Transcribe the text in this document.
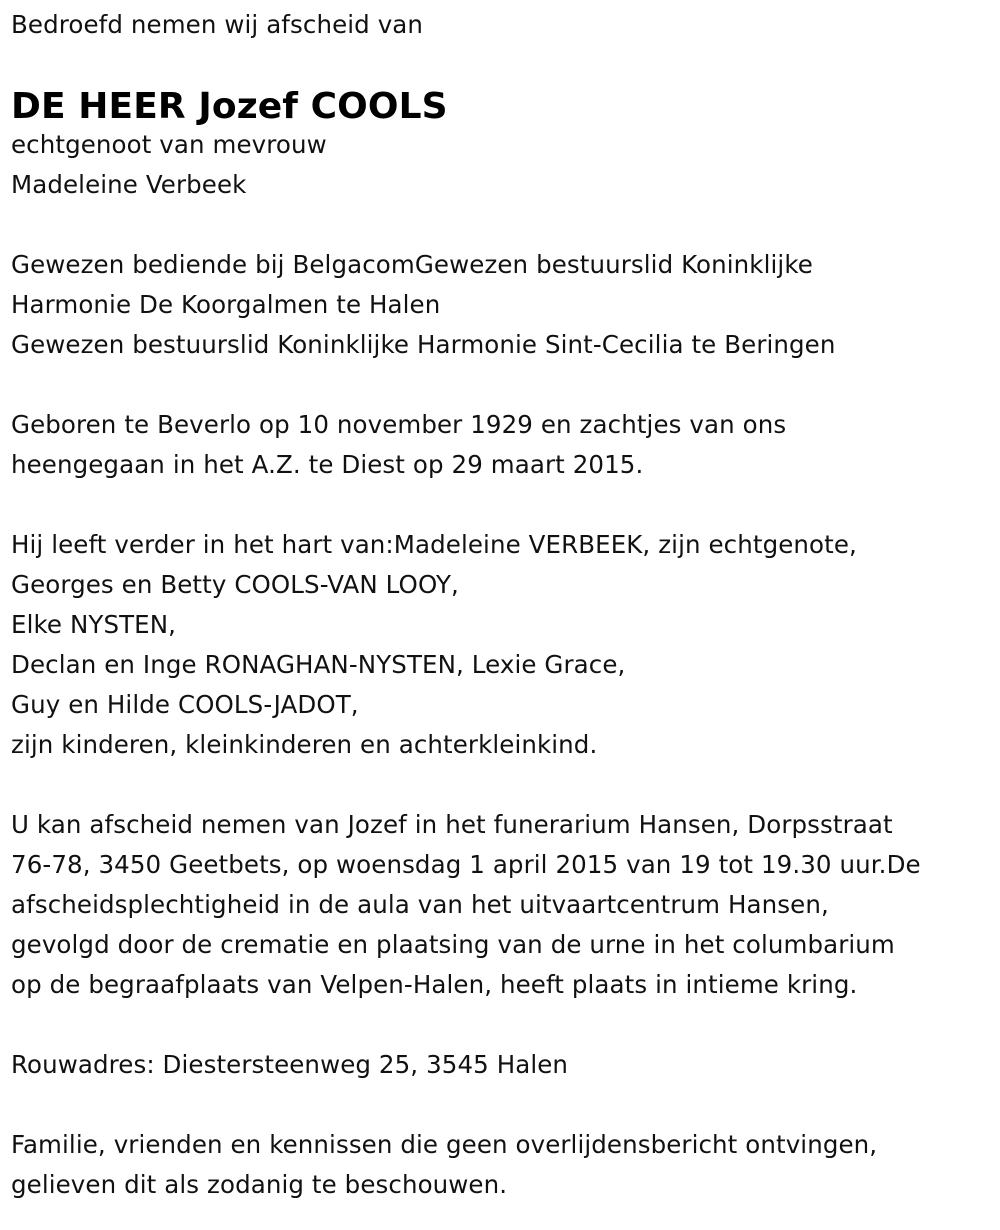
Bedroefd nemen wij afscheid van
DE HEER Jozef COOLS
echtgenoot van mevrouw
Madeleine Verbeek
Gewezen bediende bij BelgacomGewezen bestuurslid Koninklijke
Harmonie De Koorgalmen te Halen
Gewezen bestuurslid Koninklijke Harmonie Sint-Cecilia te Beringen
Geboren te Beverlo op 10 november 1929 en zachtjes van ons
heengegaan in het A.Z. te Diest op 29 maart 2015.
Hij leeft verder in het hart van:Madeleine VERBEEK, zijn echtgenote,
Georges en Betty COOLS-VAN LOOY,
Elke NYSTEN,
Declan en Inge RONAGHAN-NYSTEN, Lexie Grace,
Guy en Hilde COOLS-JADOT,
zijn kinderen, kleinkinderen en achterkleinkind.
U kan afscheid nemen van Jozef in het funerarium Hansen, Dorpsstraat
76-78, 3450 Geetbets, op woensdag 1 april 2015 van 19 tot 19.30 uur.De
afscheidsplechtigheid in de aula van het uitvaartcentrum Hansen,
gevolgd door de crematie en plaatsing van de urne in het columbarium
op de begraafplaats van Velpen-Halen, heeft plaats in intieme kring.
Rouwadres: Diestersteenweg 25, 3545 Halen
Familie, vrienden en kennissen die geen overlijdensbericht ontvingen,
gelieven dit als zodanig te beschouwen.
